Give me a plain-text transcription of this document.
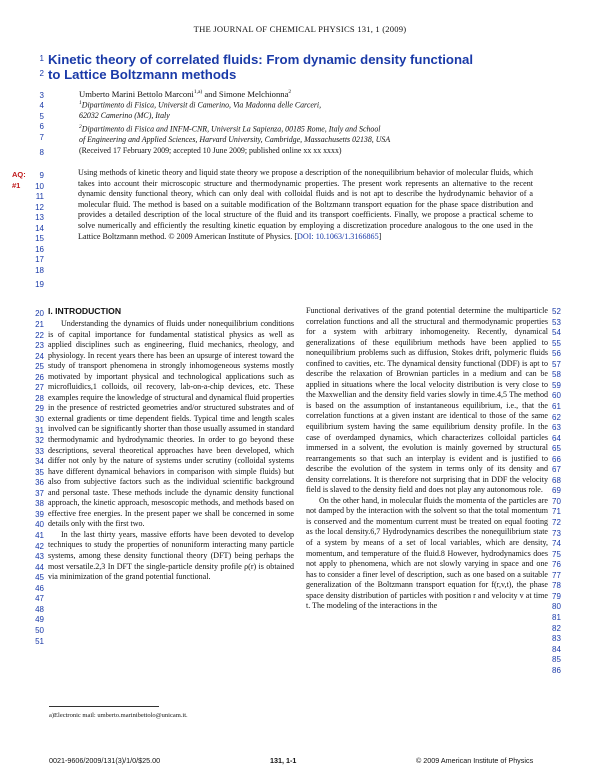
THE JOURNAL OF CHEMICAL PHYSICS 131, 1 (2009)
Kinetic theory of correlated fluids: From dynamic density functional
to Lattice Boltzmann methods
Umberto Marini Bettolo Marconi$^{1,a)}$ and Simone Melchionna$^2$
$^1$Dipartimento di Fisica, Universit di Camerino, Via Madonna delle Carceri,
62032 Camerino (MC), Italy
$^2$Dipartimento di Fisica and INFM-CNR, Universit La Sapienza, 00185 Rome, Italy and School
of Engineering and Applied Sciences, Harvard University, Cambridge, Massachusetts 02138, USA
(Received 17 February 2009; accepted 10 June 2009; published online xx xx xxxx)
AQ:
#1
Using methods of kinetic theory and liquid state theory we propose a description of the nonequilibrium behavior of molecular fluids, which takes into account their microscopic structure and thermodynamic properties. The present work represents an alternative to the recent dynamic density functional theory, which can only deal with colloidal fluids and is not apt to describe the hydrodynamic behavior of a molecular fluid. The method is based on a suitable modification of the Boltzmann transport equation for the phase space distribution and provides a detailed description of the local structure of the fluid and its transport coefficients. Finally, we propose a practical scheme to solve numerically and efficiently the resulting kinetic equation by employing a discretization procedure analogous to the one used in the Lattice Boltzmann method. © 2009 American Institute of Physics. [DOI: 10.1063/1.3166865]
I. INTRODUCTION

Understanding the dynamics of fluids under nonequilibrium conditions is of capital importance for fundamental statistical physics as well as applied disciplines such as engineering, fluid mechanics, rheology, and physiology. In recent years there has been an upsurge of interest toward the study of transport phenomena in strongly inhomogeneous systems mostly motivated by important physical and technological applications such as microfluidics,1 colloids, oil recovery, lab-on-a-chip devices, etc. These examples require the knowledge of structural and dynamical fluid properties in the presence of restricted geometries and/or structured substrates and of external gradients or time dependent fields. Typical time and length scales involved can be significantly shorter than those usually assumed in standard thermodynamic and hydrodynamic theories. In order to go beyond these descriptions, several theoretical approaches have been developed, which differ not only by the nature of systems under scrutiny (colloidal systems have different dynamical behaviors in comparison with simple fluids) but also from subjective factors such as the individual scientific background and personal taste. These methods include the dynamic density functional approach, the kinetic approach, mesoscopic methods, and methods based on effective free energies. In the present paper we shall be concerned in some details only with the first two.

In the last thirty years, massive efforts have been devoted to develop techniques to study the properties of nonuniform interacting many particle systems, among these density functional theory (DFT) being perhaps the most versatile.2,3 In DFT the single-particle density profile ρ(r) is obtained via minimization of the grand potential functional.

Functional derivatives of the grand potential determine the multiparticle correlation functions and all the structural and thermodynamic properties for a system with arbitrary inhomogeneity. Recently, dynamical generalizations of these equilibrium methods have been applied to nonequilibrium problems such as diffusion, Stokes drift, polymeric fluids confined to cavities, etc. The dynamical density functional (DDF) is apt to describe the relaxation of Brownian particles in a medium and can be applied in situations where the local velocity distribution is very close to the Maxwellian and the density field varies slowly in time.4,5 The method is based on the assumption of instantaneous equilibrium, i.e., that the correlation functions at a given instant are identical to those of the same equilibrium system having the same equilibrium density profile. In the case of overdamped dynamics, which characterizes colloidal particles immersed in a solvent, the evolution is mainly governed by structural rearrangements so that such an interplay is evident and is justified to describe the evolution of the system in terms only of its density and density correlations. It is therefore not surprising that in DDF the velocity field is slaved to the density field and does not play any autonomous role.

On the other hand, in molecular fluids the momenta of the particles are not damped by the interaction with the solvent so that the total momentum is conserved and the momentum current must be treated on equal footing as the local density.6,7 Hydrodynamics describes the nonequilibrium state of a system by means of a set of local variables, which are density, momentum, and temperature of the fluid.8 However, hydrodynamics does not apply to phenomena, which are not slowly varying in space and one has to consider a finer level of description, such as one based on a suitable generalization of the Boltzmann transport equation for f(r,v,t), the phase space density distribution of particles with position r and velocity v at time t. The modeling of the interactions in the

a)Electronic mail: umberto.marinibettolo@unicam.it.
0021-9606/2009/131(3)/1/0/$25.00	131, 1-1	© 2009 American Institute of Physics
1
2
3
4
5
6
7
8
9
10
11
12
13
14
15
16
17
18
19
20
21
22
23
24
25
26
27
28
29
30
31
32
33
34
35
36
37
38
39
40
41
42
43
44
45
46
47
48
49
50
51
52
53
54
55
56
57
58
59
60
61
62
63
64
65
66
67
68
69
70
71
72
73
74
75
76
77
78
79
80
81
82
83
84
85
86
